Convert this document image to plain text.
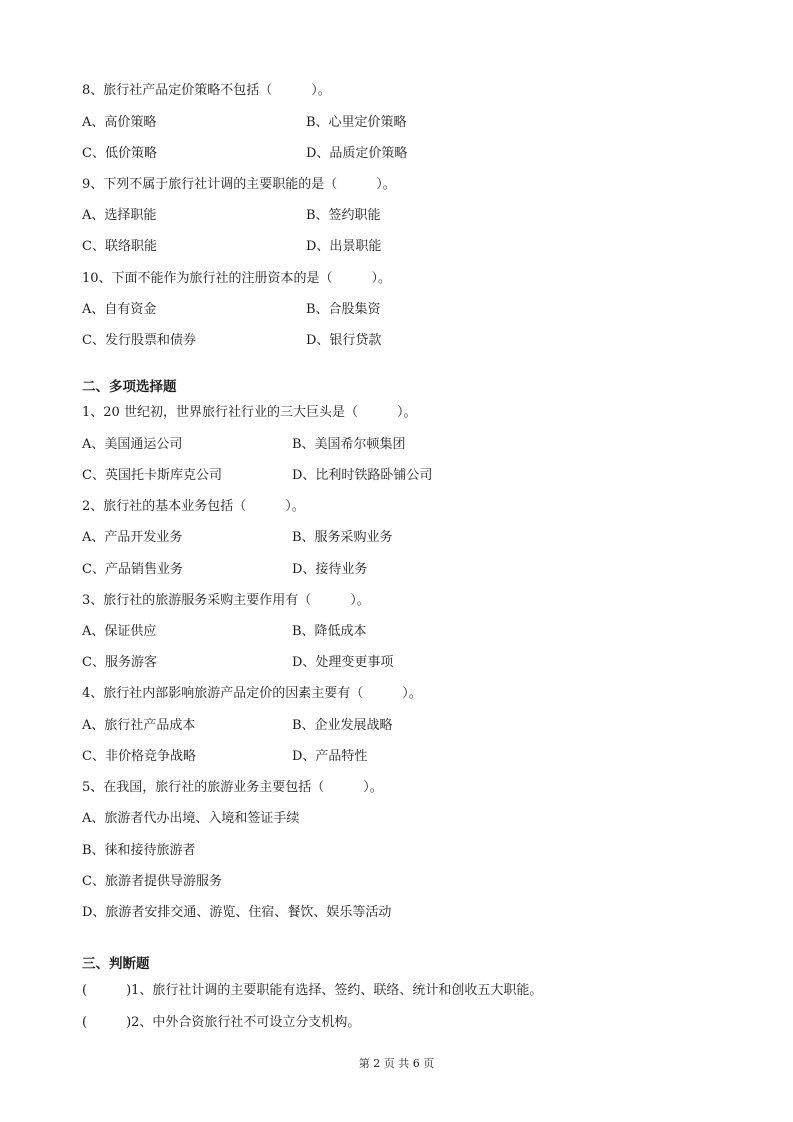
8、旅行社产品定价策略不包括（　　　）。
A、高价策略	B、心里定价策略
C、低价策略	D、品质定价策略
9、下列不属于旅行社计调的主要职能的是（　　　）。
A、选择职能	B、签约职能
C、联络职能	D、出景职能
10、下面不能作为旅行社的注册资本的是（　　　）。
A、自有资金	B、合股集资
C、发行股票和债券	D、银行贷款
二、多项选择题
1、20 世纪初，世界旅行社行业的三大巨头是（　　　）。
A、美国通运公司	B、美国希尔顿集团
C、英国托卡斯库克公司	D、比利时铁路卧铺公司
2、旅行社的基本业务包括（　　　）。
A、产品开发业务	B、服务采购业务
C、产品销售业务	D、接待业务
3、旅行社的旅游服务采购主要作用有（　　　）。
A、保证供应	B、降低成本
C、服务游客	D、处理变更事项
4、旅行社内部影响旅游产品定价的因素主要有（　　　）。
A、旅行社产品成本	B、企业发展战略
C、非价格竞争战略	D、产品特性
5、在我国，旅行社的旅游业务主要包括（　　　）。
A、旅游者代办出境、入境和签证手续
B、徕和接待旅游者
C、旅游者提供导游服务
D、旅游者安排交通、游览、住宿、餐饮、娱乐等活动
三、判断题
(　　　)1、旅行社计调的主要职能有选择、签约、联络、统计和创收五大职能。
(　　　)2、中外合资旅行社不可设立分支机构。
第 2 页 共 6 页
